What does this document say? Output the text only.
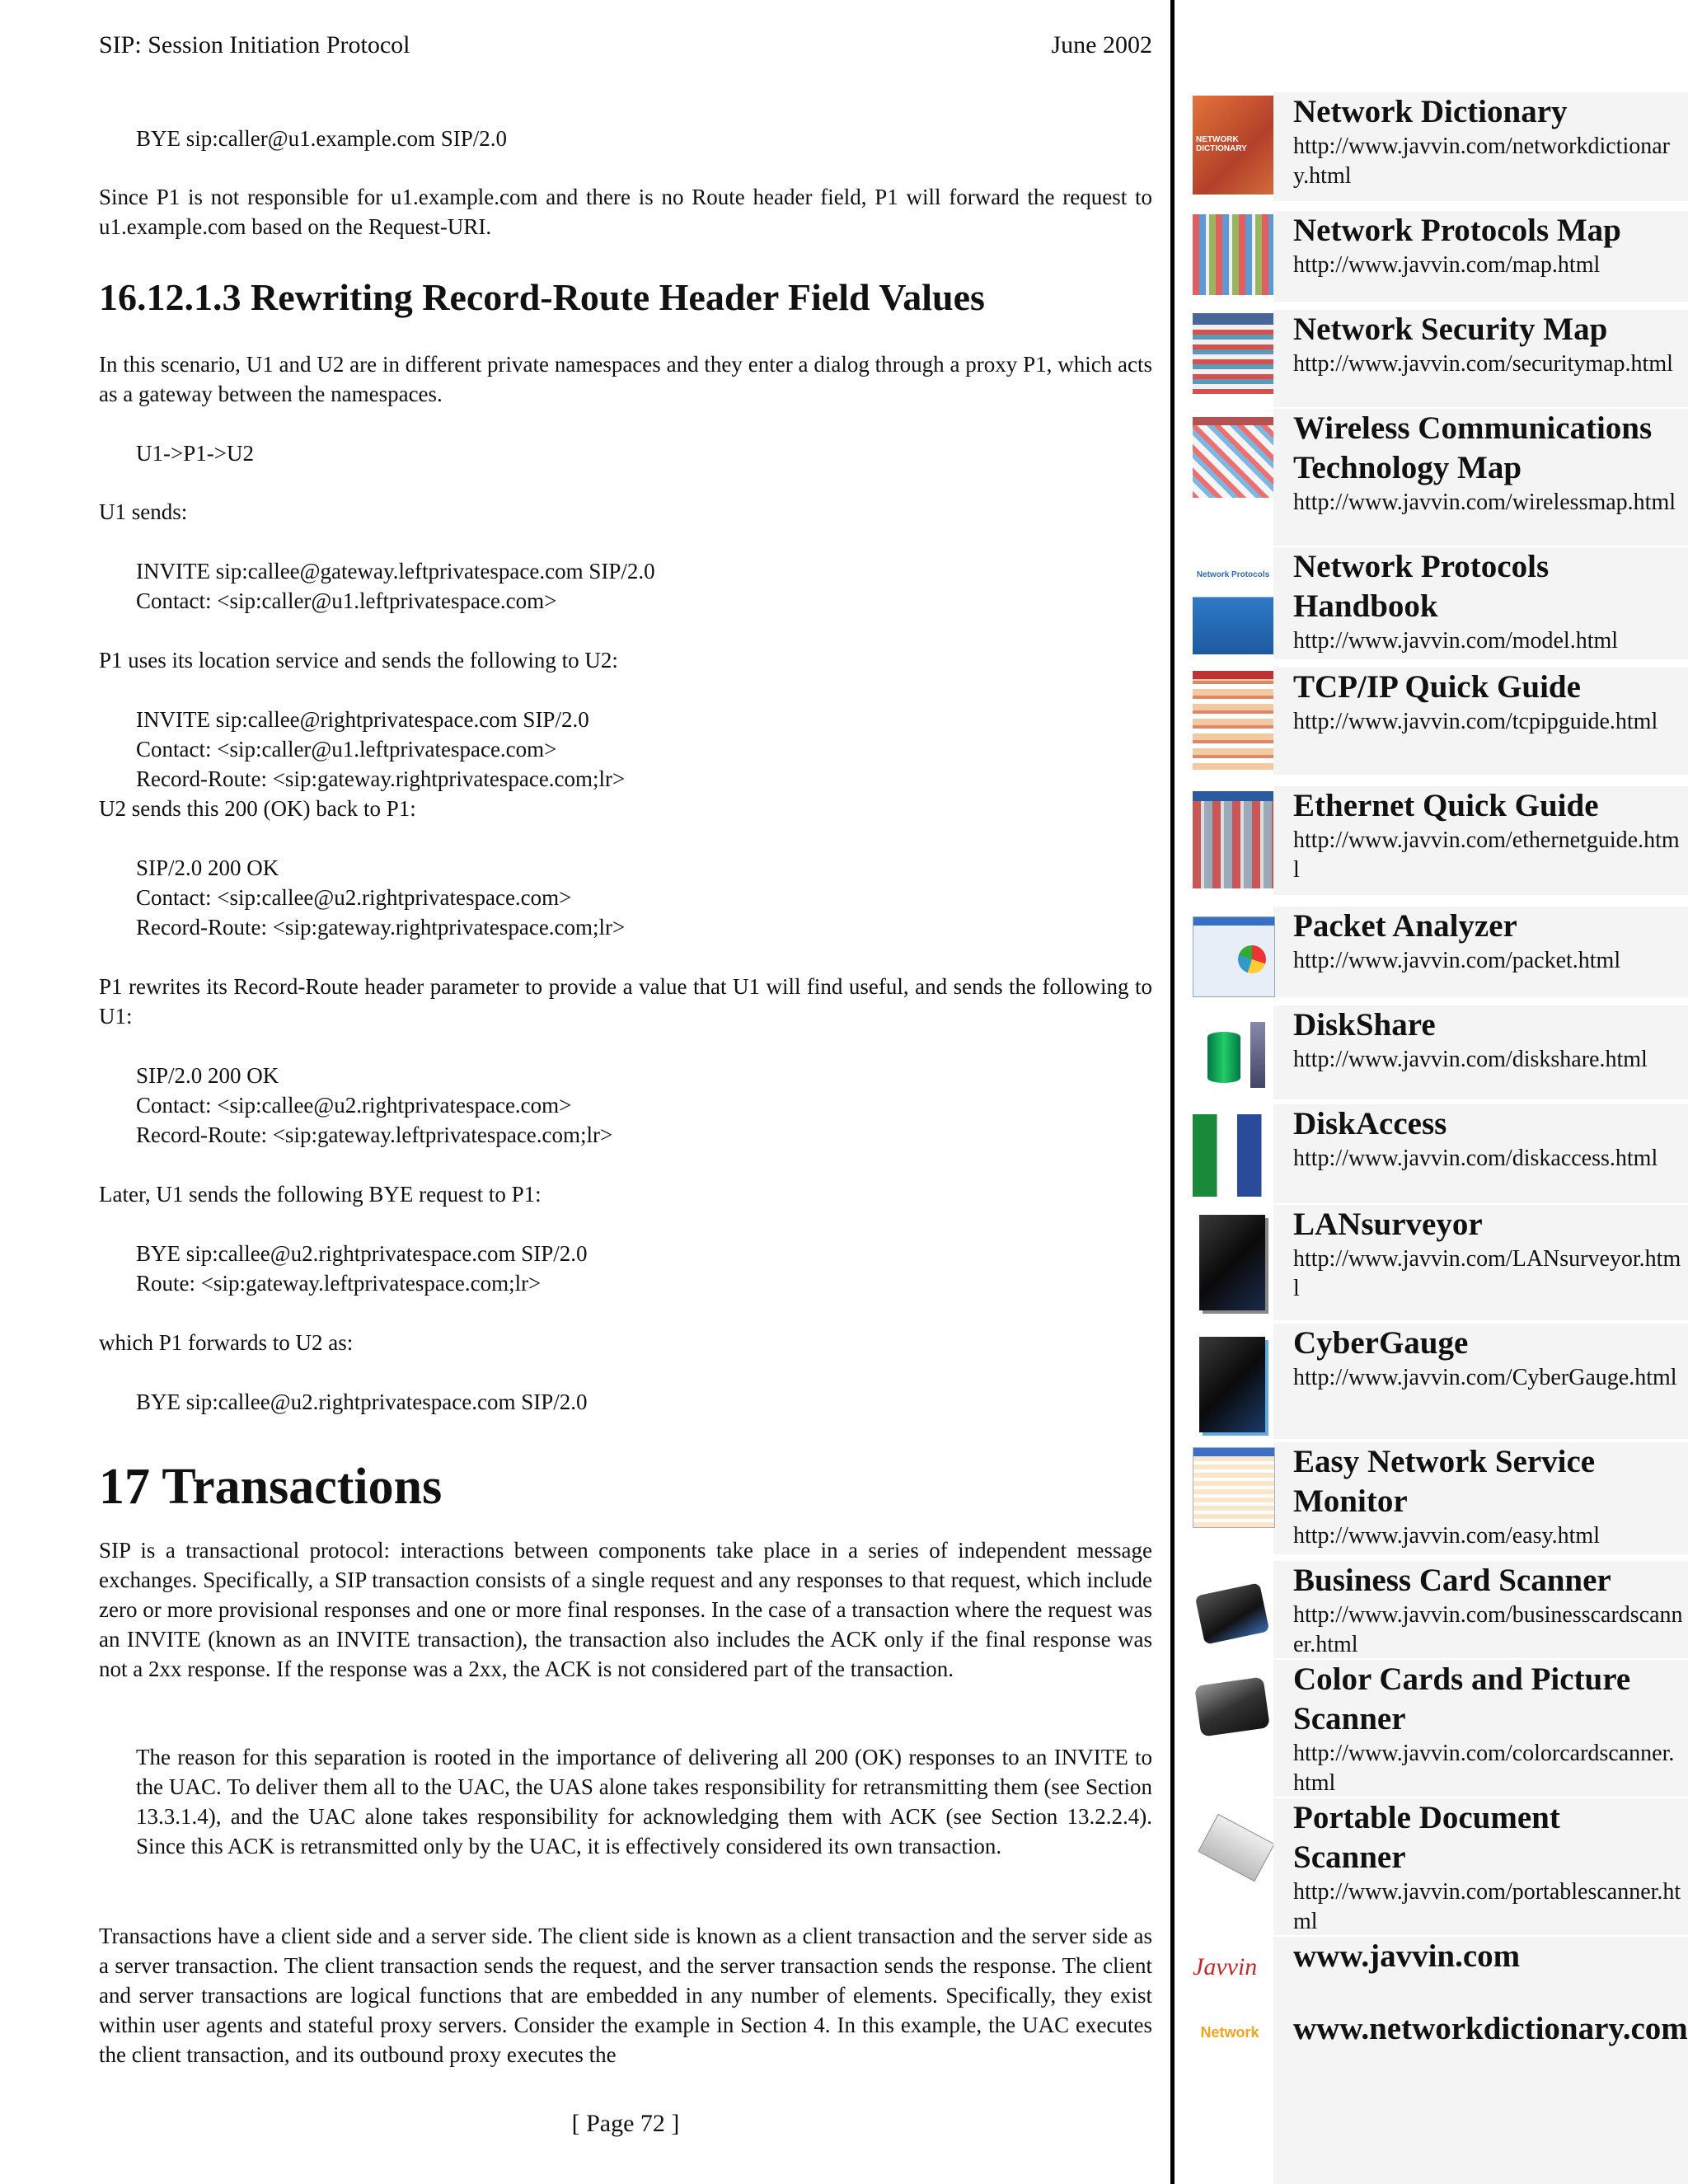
SIP: Session Initiation Protocol	June 2002
BYE sip:caller@u1.example.com SIP/2.0

Since P1 is not responsible for u1.example.com and there is no Route header field, P1 will forward the request to u1.example.com based on the Request-URI.

16.12.1.3 Rewriting Record-Route Header Field Values

In this scenario, U1 and U2 are in different private namespaces and they enter a dialog through a proxy P1, which acts as a gateway between the namespaces.

U1->P1->U2

U1 sends:

INVITE sip:callee@gateway.leftprivatespace.com SIP/2.0
Contact: <sip:caller@u1.leftprivatespace.com>

P1 uses its location service and sends the following to U2:

INVITE sip:callee@rightprivatespace.com SIP/2.0
Contact: <sip:caller@u1.leftprivatespace.com>
Record-Route: <sip:gateway.rightprivatespace.com;lr>

U2 sends this 200 (OK) back to P1:

SIP/2.0 200 OK
Contact: <sip:callee@u2.rightprivatespace.com>
Record-Route: <sip:gateway.rightprivatespace.com;lr>

P1 rewrites its Record-Route header parameter to provide a value that U1 will find useful, and sends the following to U1:

SIP/2.0 200 OK
Contact: <sip:callee@u2.rightprivatespace.com>
Record-Route: <sip:gateway.leftprivatespace.com;lr>

Later, U1 sends the following BYE request to P1:

BYE sip:callee@u2.rightprivatespace.com SIP/2.0
Route: <sip:gateway.leftprivatespace.com;lr>

which P1 forwards to U2 as:

BYE sip:callee@u2.rightprivatespace.com SIP/2.0
17 Transactions

SIP is a transactional protocol: interactions between components take place in a series of independent message exchanges. Specifically, a SIP transaction consists of a single request and any responses to that request, which include zero or more provisional responses and one or more final responses. In the case of a transaction where the request was an INVITE (known as an INVITE transaction), the transaction also includes the ACK only if the final response was not a 2xx response. If the response was a 2xx, the ACK is not considered part of the transaction.

The reason for this separation is rooted in the importance of delivering all 200 (OK) responses to an INVITE to the UAC. To deliver them all to the UAC, the UAS alone takes responsibility for retransmitting them (see Section 13.3.1.4), and the UAC alone takes responsibility for acknowledging them with ACK (see Section 13.2.2.4). Since this ACK is retransmitted only by the UAC, it is effectively considered its own transaction.

Transactions have a client side and a server side. The client side is known as a client transaction and the server side as a server transaction. The client transaction sends the request, and the server transaction sends the response. The client and server transactions are logical functions that are embedded in any number of elements. Specifically, they exist within user agents and stateful proxy servers. Consider the example in Section 4. In this example, the UAC executes the client transaction, and its outbound proxy executes the

[ Page 72 ]
NETWORK DICTIONARY
Network Dictionary

http://www.javvin.com/networkdictionary.html

Network Protocols Map

http://www.javvin.com/map.html

Network Security Map

http://www.javvin.com/securitymap.html

Wireless Communications Technology Map

http://www.javvin.com/wirelessmap.html

Network Protocols Network Protocols Handbook

http://www.javvin.com/model.html

TCP/IP Quick Guide

http://www.javvin.com/tcpipguide.html

Ethernet Quick Guide

http://www.javvin.com/ethernetguide.html

Packet Analyzer

http://www.javvin.com/packet.html

DiskShare

http://www.javvin.com/diskshare.html

DiskAccess

http://www.javvin.com/diskaccess.html

LANsurveyor

http://www.javvin.com/LANsurveyor.html

CyberGauge

http://www.javvin.com/CyberGauge.html

Easy Network Service Monitor

http://www.javvin.com/easy.html

Business Card Scanner

http://www.javvin.com/businesscardscanner.html

Color Cards and Picture Scanner

http://www.javvin.com/colorcardscanner.html

Portable Document Scanner

http://www.javvin.com/portablescanner.html

Javvin www.javvin.com
Network www.networkdictionary.com
